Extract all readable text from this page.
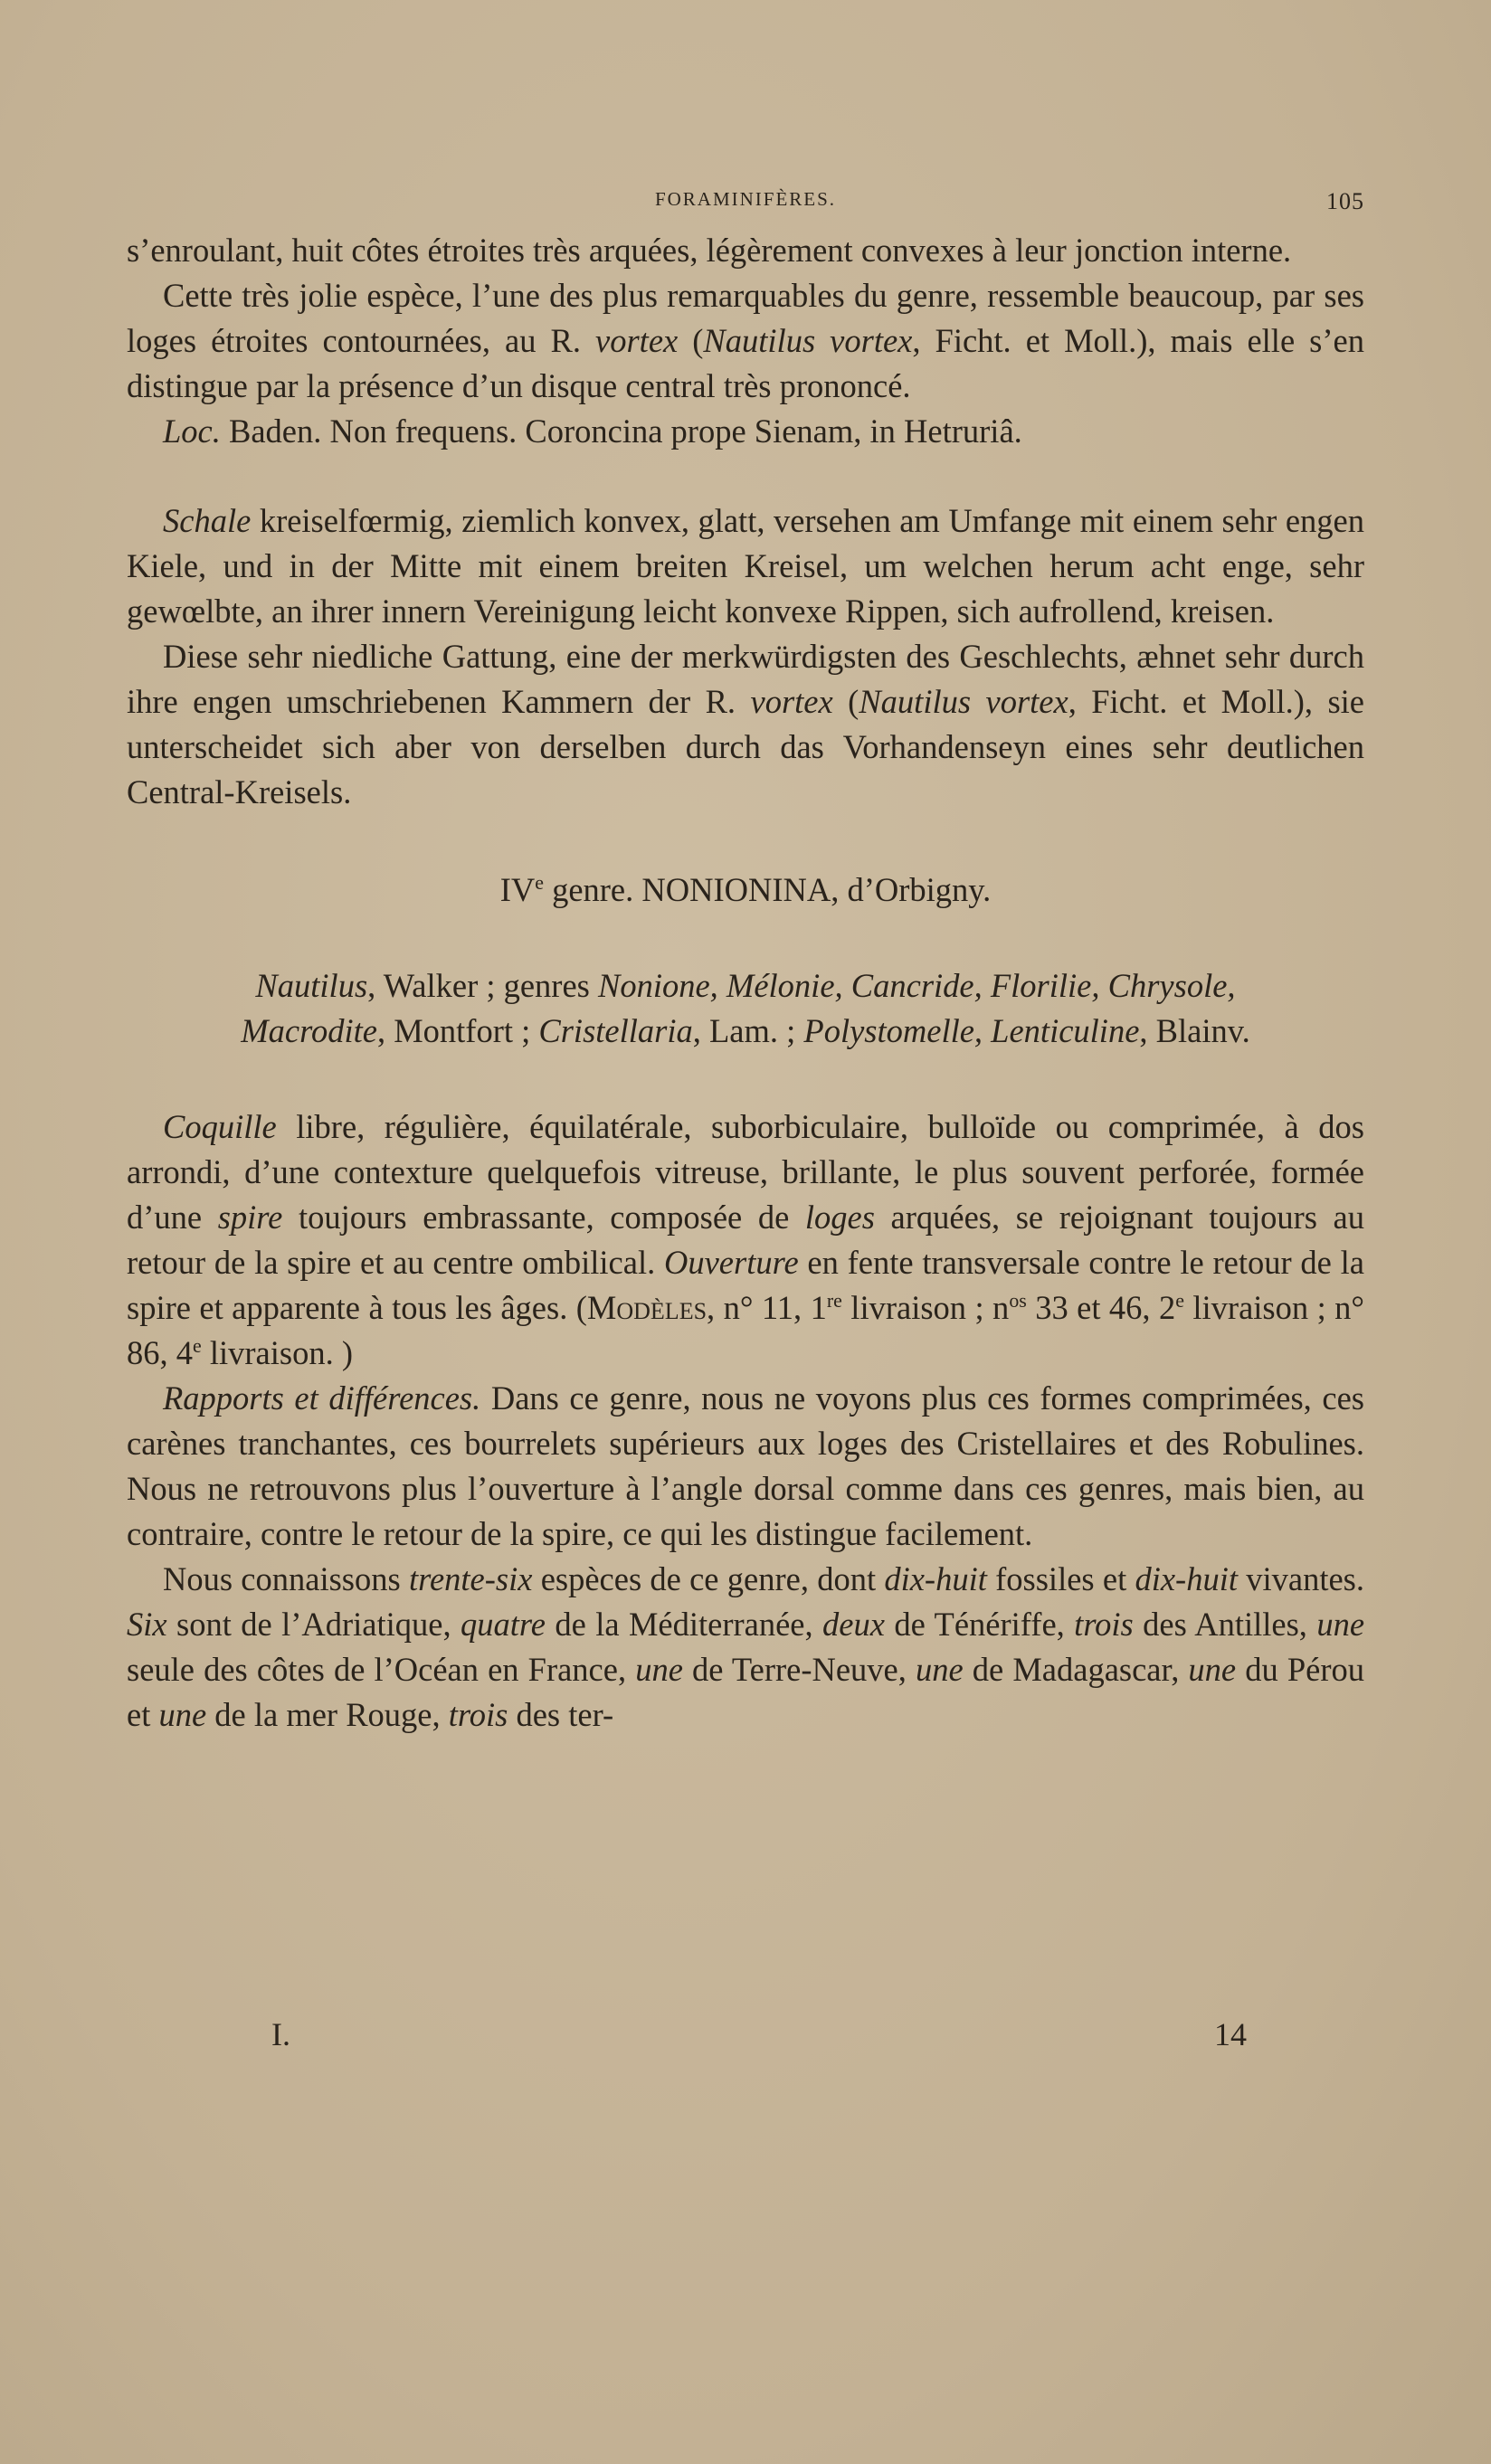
FORAMINIFÈRES.	105

s’enroulant, huit côtes étroites très arquées, légèrement convexes à leur jonction interne.

Cette très jolie espèce, l’une des plus remarquables du genre, ressemble beaucoup, par ses loges étroites contournées, au R. vortex (Nautilus vortex, Ficht. et Moll.), mais elle s’en distingue par la présence d’un disque central très prononcé.

Loc. Baden. Non frequens. Coroncina prope Sienam, in Hetruriâ.

Schale kreiselfœrmig, ziemlich konvex, glatt, versehen am Umfange mit einem sehr engen Kiele, und in der Mitte mit einem breiten Kreisel, um welchen herum acht enge, sehr gewœlbte, an ihrer innern Vereinigung leicht konvexe Rippen, sich aufrollend, kreisen.

Diese sehr niedliche Gattung, eine der merkwürdigsten des Geschlechts, æhnet sehr durch ihre engen umschriebenen Kammern der R. vortex (Nautilus vortex, Ficht. et Moll.), sie unterscheidet sich aber von derselben durch das Vorhandenseyn eines sehr deutlichen Central-Kreisels.

IVe genre. NONIONINA, d’Orbigny.

Nautilus, Walker ; genres Nonione, Mélonie, Cancride, Florilie, Chrysole, Macrodite, Montfort ; Cristellaria, Lam. ; Polystomelle, Lenticuline, Blainv.

Coquille libre, régulière, équilatérale, suborbiculaire, bulloïde ou comprimée, à dos arrondi, d’une contexture quelquefois vitreuse, brillante, le plus souvent perforée, formée d’une spire toujours embrassante, composée de loges arquées, se rejoignant toujours au retour de la spire et au centre ombilical. Ouverture en fente transversale contre le retour de la spire et apparente à tous les âges. (Modèles, n° 11, 1re livraison ; $n^{os}$ 33 et 46, 2e livraison ; n° 86, 4e livraison. )

Rapports et différences. Dans ce genre, nous ne voyons plus ces formes comprimées, ces carènes tranchantes, ces bourrelets supérieurs aux loges des Cristellaires et des Robulines. Nous ne retrouvons plus l’ouverture à l’angle dorsal comme dans ces genres, mais bien, au contraire, contre le retour de la spire, ce qui les distingue facilement.

Nous connaissons trente-six espèces de ce genre, dont dix-huit fossiles et dix-huit vivantes. Six sont de l’Adriatique, quatre de la Méditerranée, deux de Ténériffe, trois des Antilles, une seule des côtes de l’Océan en France, une de Terre-Neuve, une de Madagascar, une du Pérou et une de la mer Rouge, trois des ter-

I.	14
